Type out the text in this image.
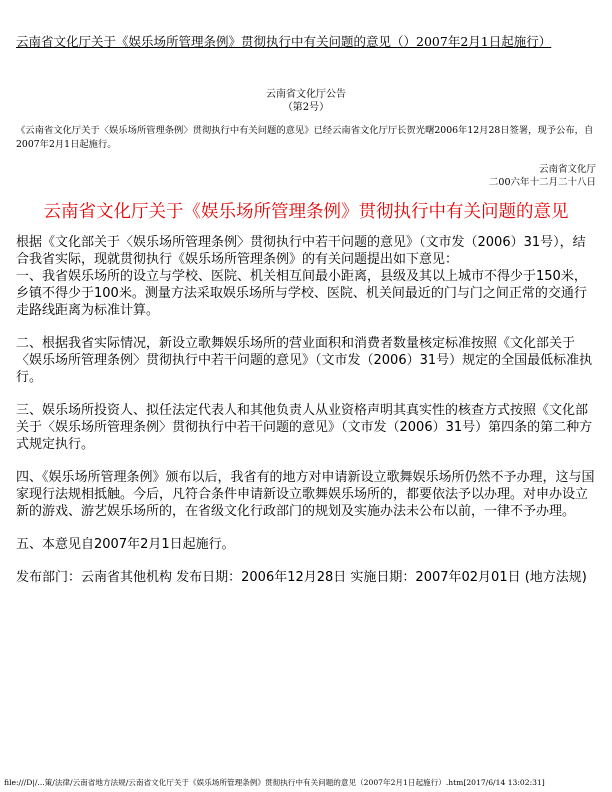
云南省文化厅关于《娱乐场所管理条例》贯彻执行中有关问题的意见（）2007年2月1日起施行）
云南省文化厅公告
（第2号）
《云南省文化厅关于〈娱乐场所管理条例〉贯彻执行中有关问题的意见》已经云南省文化厅厅长贺光曙2006年12月28日签署，现予公布，自2007年2月1日起施行。
云南省文化厅
二00六年十二月二十八日
云南省文化厅关于《娱乐场所管理条例》贯彻执行中有关问题的意见

根据《文化部关于〈娱乐场所管理条例〉贯彻执行中若干问题的意见》（文市发（2006）31号），结合我省实际，现就贯彻执行《娱乐场所管理条例》的有关问题提出如下意见：

一、我省娱乐场所的设立与学校、医院、机关相互间最小距离，县级及其以上城市不得少于150米，乡镇不得少于100米。测量方法采取娱乐场所与学校、医院、机关间最近的门与门之间正常的交通行走路线距离为标准计算。

二、根据我省实际情况，新设立歌舞娱乐场所的营业面积和消费者数量核定标准按照《文化部关于〈娱乐场所管理条例〉贯彻执行中若干问题的意见》（文市发（2006）31号）规定的全国最低标准执行。

三、娱乐场所投资人、拟任法定代表人和其他负责人从业资格声明其真实性的核查方式按照《文化部关于〈娱乐场所管理条例〉贯彻执行中若干问题的意见》（文市发（2006）31号）第四条的第二种方式规定执行。

四、《娱乐场所管理条例》颁布以后，我省有的地方对申请新设立歌舞娱乐场所仍然不予办理，这与国家现行法规相抵触。今后，凡符合条件申请新设立歌舞娱乐场所的，都要依法予以办理。对申办设立新的游戏、游艺娱乐场所的，在省级文化行政部门的规划及实施办法未公布以前，一律不予办理。

五、本意见自2007年2月1日起施行。

发布部门：云南省其他机构 发布日期：2006年12月28日 实施日期：2007年02月01日 (地方法规)

file:///D|/...策/法律/云南省地方法规/云南省文化厅关于《娱乐场所管理条例》贯彻执行中有关问题的意见（2007年2月1日起施行）.htm[2017/6/14 13:02:31]
